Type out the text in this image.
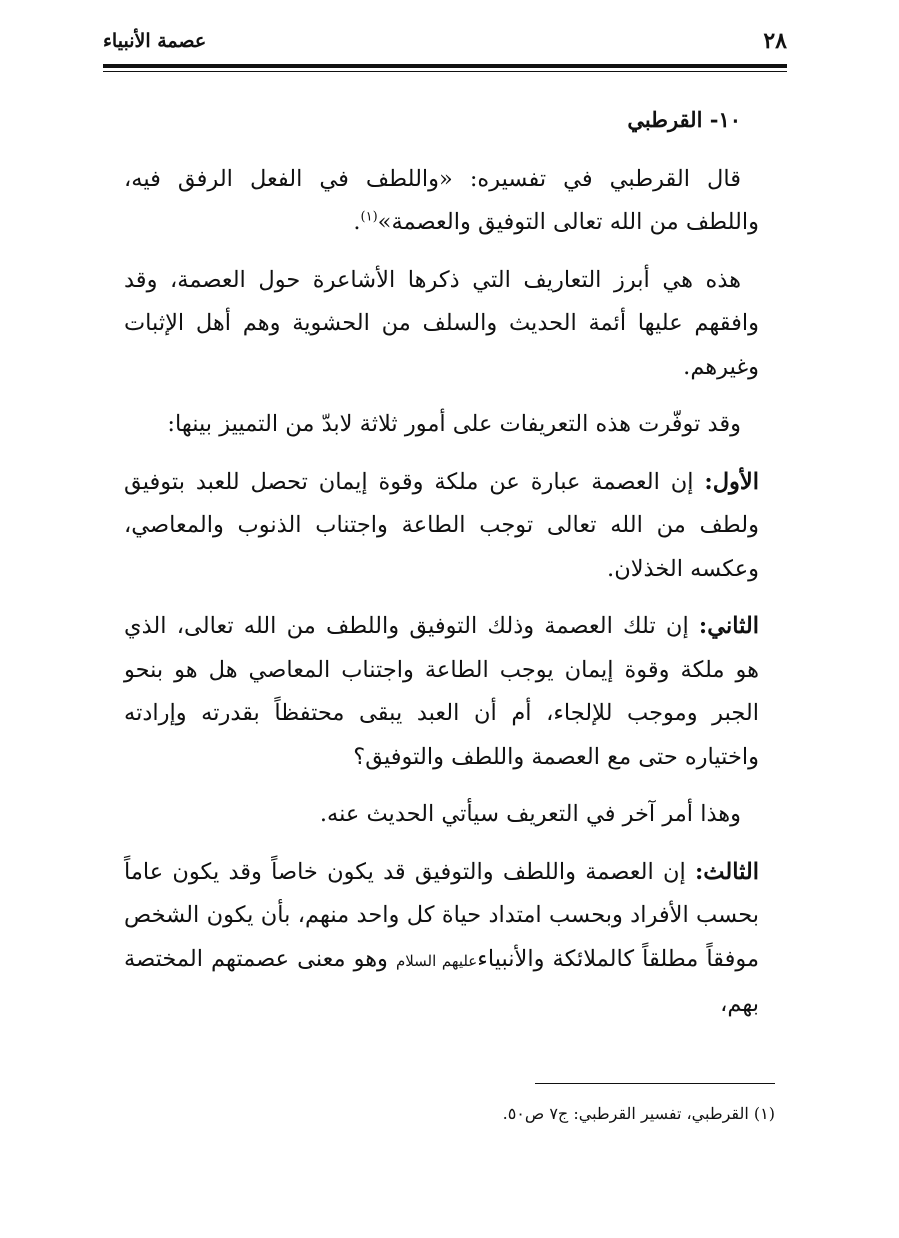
٢٨
عصمة الأنبياء

١٠- القرطبي

قال القرطبي في تفسيره: «واللطف في الفعل الرفق فيه، واللطف من الله تعالى التوفيق والعصمة»$^{(١)}$.

هذه هي أبرز التعاريف التي ذكرها الأشاعرة حول العصمة، وقد وافقهم عليها أئمة الحديث والسلف من الحشوية وهم أهل الإثبات وغيرهم.

وقد توفّرت هذه التعريفات على أمور ثلاثة لابدّ من التمييز بينها:

الأول: إن العصمة عبارة عن ملكة وقوة إيمان تحصل للعبد بتوفيق ولطف من الله تعالى توجب الطاعة واجتناب الذنوب والمعاصي، وعكسه الخذلان.

الثاني: إن تلك العصمة وذلك التوفيق واللطف من الله تعالى، الذي هو ملكة وقوة إيمان يوجب الطاعة واجتناب المعاصي هل هو بنحو الجبر وموجب للإلجاء، أم أن العبد يبقى محتفظاً بقدرته وإرادته واختياره حتى مع العصمة واللطف والتوفيق؟

وهذا أمر آخر في التعريف سيأتي الحديث عنه.

الثالث: إن العصمة واللطف والتوفيق قد يكون خاصاً وقد يكون عاماً بحسب الأفراد وبحسب امتداد حياة كل واحد منهم، بأن يكون الشخص موفقاً مطلقاً كالملائكة والأنبياءعليهم السلام وهو معنى عصمتهم المختصة بهم،

(١) القرطبي، تفسير القرطبي: ج٧ ص٥٠.
